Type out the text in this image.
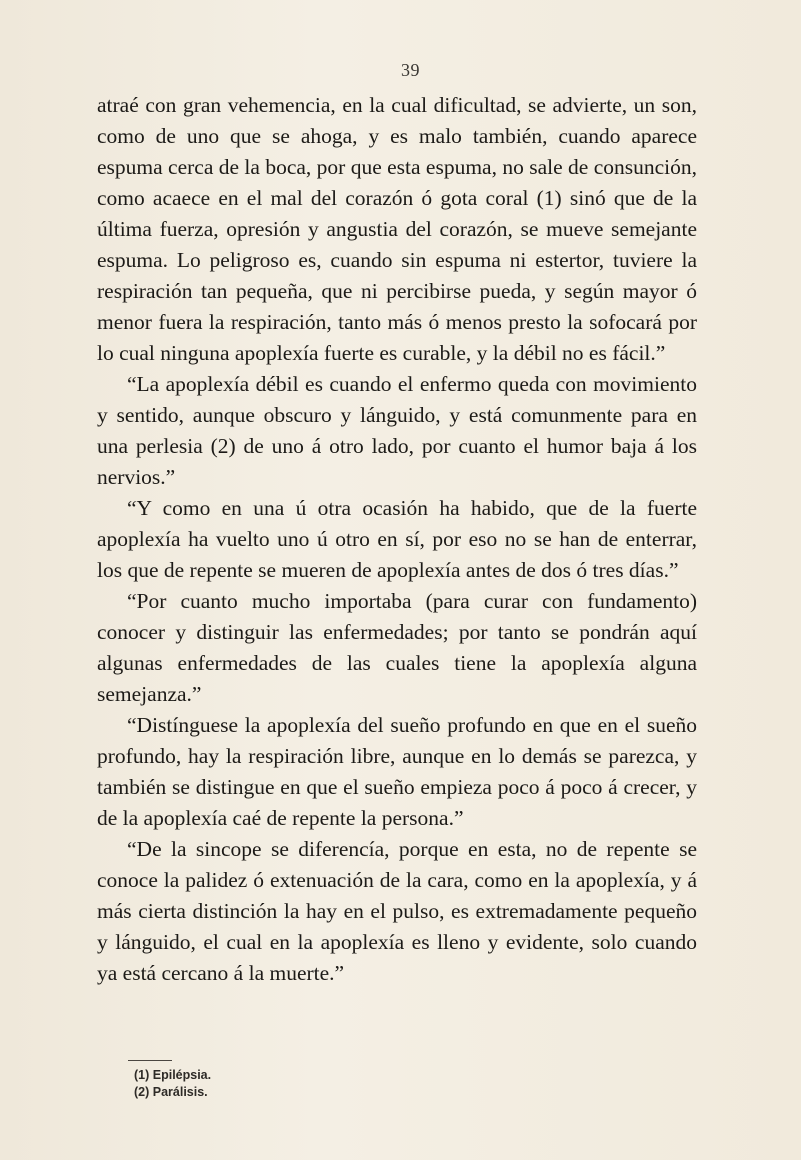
39

atraé con gran vehemencia, en la cual dificultad, se advierte, un son, como de uno que se ahoga, y es malo también, cuando aparece espuma cerca de la boca, por que esta espuma, no sale de consunción, como acaece en el mal del corazón ó gota coral (1) sinó que de la última fuerza, opresión y angustia del corazón, se mueve semejante espuma. Lo peligroso es, cuando sin espuma ni estertor, tuviere la respiración tan pequeña, que ni percibirse pueda, y según mayor ó menor fuera la respiración, tanto más ó menos presto la sofocará por lo cual ninguna apoplexía fuerte es curable, y la débil no es fácil.”

“La apoplexía débil es cuando el enfermo queda con movimiento y sentido, aunque obscuro y lánguido, y está comunmente para en una perlesia (2) de uno á otro lado, por cuanto el humor baja á los nervios.”

“Y como en una ú otra ocasión ha habido, que de la fuerte apoplexía ha vuelto uno ú otro en sí, por eso no se han de enterrar, los que de repente se mueren de apoplexía antes de dos ó tres días.”

“Por cuanto mucho importaba (para curar con fundamento) conocer y distinguir las enfermedades; por tanto se pondrán aquí algunas enfermedades de las cuales tiene la apoplexía alguna semejanza.”

“Distínguese la apoplexía del sueño profundo en que en el sueño profundo, hay la respiración libre, aunque en lo demás se parezca, y también se distingue en que el sueño empieza poco á poco á crecer, y de la apoplexía caé de repente la persona.”

“De la sincope se diferencía, porque en esta, no de repente se conoce la palidez ó extenuación de la cara, como en la apoplexía, y á más cierta distinción la hay en el pulso, es extremadamente pequeño y lánguido, el cual en la apoplexía es lleno y evidente, solo cuando ya está cercano á la muerte.”

(1) Epilépsia.
(2) Parálisis.
